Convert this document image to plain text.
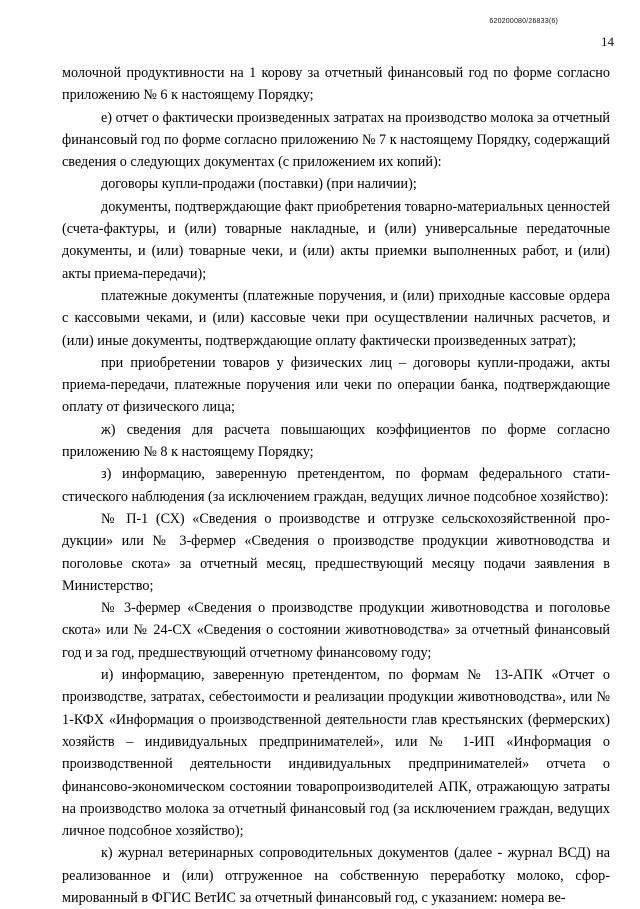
620200080/26833(6)
14

молочной продуктивности на 1 корову за отчетный финансовый год по форме согласно приложению № 6 к настоящему Порядку;

е) отчет о фактически произведенных затратах на производство молока за отчетный финансовый год по форме согласно приложению № 7 к настоящему Порядку, содержащий сведения о следующих документах (с приложением их копий):

договоры купли-продажи (поставки) (при наличии);

документы, подтверждающие факт приобретения товарно-материальных ценностей (счета-фактуры, и (или) товарные накладные, и (или) универсальные передаточные документы, и (или) товарные чеки, и (или) акты приемки выполненных работ, и (или) акты приема-передачи);

платежные документы (платежные поручения, и (или) приходные кассовые ордера с кассовыми чеками, и (или) кассовые чеки при осуществлении наличных расчетов, и (или) иные документы, подтверждающие оплату фактически произведенных затрат);

при приобретении товаров у физических лиц – договоры купли-продажи, акты приема-передачи, платежные поручения или чеки по операции банка, подтверждающие оплату от физического лица;

ж) сведения для расчета повышающих коэффициентов по форме согласно приложению № 8 к настоящему Порядку;

з) информацию, заверенную претендентом, по формам федерального статистического наблюдения (за исключением граждан, ведущих личное подсобное хозяйство):

№ П-1 (СХ) «Сведения о производстве и отгрузке сельскохозяйственной продукции» или № 3-фермер «Сведения о производстве продукции животноводства и поголовье скота» за отчетный месяц, предшествующий месяцу подачи заявления в Министерство;

№ 3-фермер «Сведения о производстве продукции животноводства и поголовье скота» или № 24-СХ «Сведения о состоянии животноводства» за отчетный финансовый год и за год, предшествующий отчетному финансовому году;

и) информацию, заверенную претендентом, по формам № 13-АПК «Отчет о производстве, затратах, себестоимости и реализации продукции животноводства», или № 1-КФХ «Информация о производственной деятельности глав крестьянских (фермерских) хозяйств – индивидуальных предпринимателей», или № 1-ИП «Информация о производственной деятельности индивидуальных предпринимателей» отчета о финансово-экономическом состоянии товаропроизводителей АПК, отражающую затраты на производство молока за отчетный финансовый год (за исключением граждан, ведущих личное подсобное хозяйство);

к) журнал ветеринарных сопроводительных документов (далее - журнал ВСД) на реализованное и (или) отгруженное на собственную переработку молоко, сформированный в ФГИС ВетИС за отчетный финансовый год, с указанием: номера ве-
